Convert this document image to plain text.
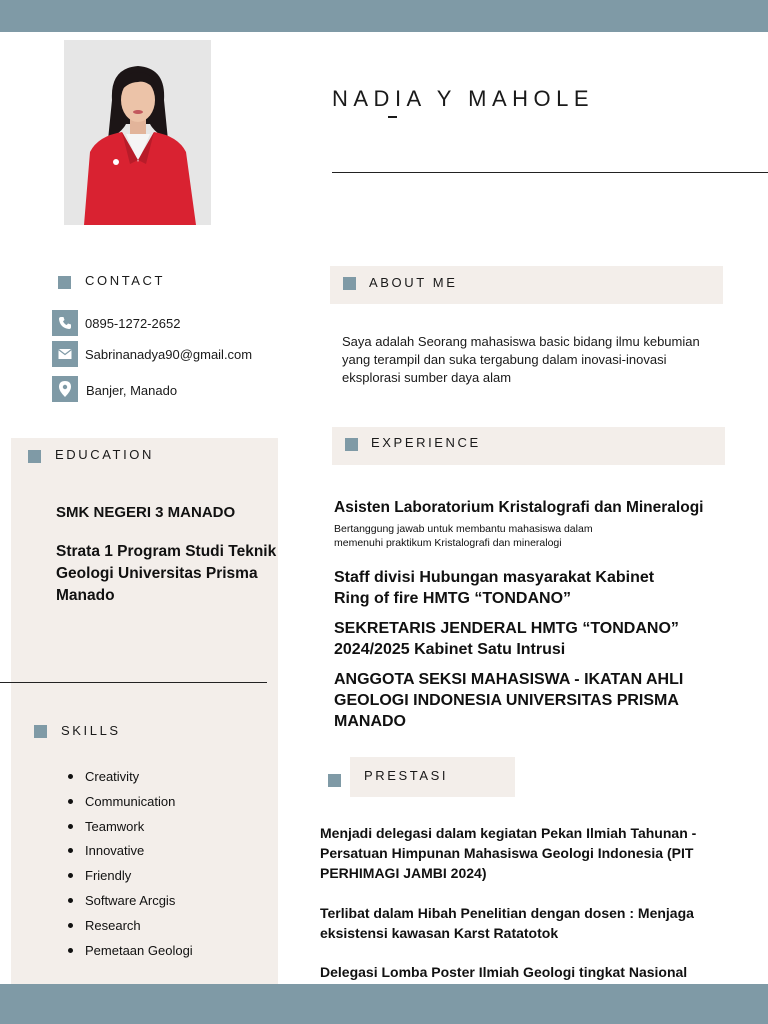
NADIA Y MAHOLE
CONTACT
0895-1272-2652
Sabrinanadya90@gmail.com
Banjer, Manado
ABOUT ME
Saya adalah Seorang mahasiswa basic bidang ilmu kebumian yang terampil dan suka tergabung dalam inovasi-inovasi eksplorasi sumber daya alam
EDUCATION
SMK NEGERI 3 MANADO
Strata 1 Program Studi Teknik Geologi Universitas Prisma Manado
SKILLS
Creativity
Communication
Teamwork
Innovative
Friendly
Software Arcgis
Research
Pemetaan Geologi
EXPERIENCE

Asisten Laboratorium Kristalografi dan Mineralogi

Bertanggung jawab untuk membantu mahasiswa dalam memenuhi praktikum Kristalografi dan mineralogi

Staff divisi Hubungan masyarakat Kabinet Ring of fire HMTG “TONDANO”

SEKRETARIS JENDERAL HMTG “TONDANO” 2024/2025 Kabinet Satu Intrusi

ANGGOTA SEKSI MAHASISWA - IKATAN AHLI GEOLOGI INDONESIA UNIVERSITAS PRISMA MANADO

PRESTASI
Menjadi delegasi dalam kegiatan Pekan Ilmiah Tahunan - Persatuan Himpunan Mahasiswa Geologi Indonesia (PIT PERHIMAGI JAMBI 2024)
Terlibat dalam Hibah Penelitian dengan dosen : Menjaga eksistensi kawasan Karst Ratatotok
Delegasi Lomba Poster Ilmiah Geologi tingkat Nasional
